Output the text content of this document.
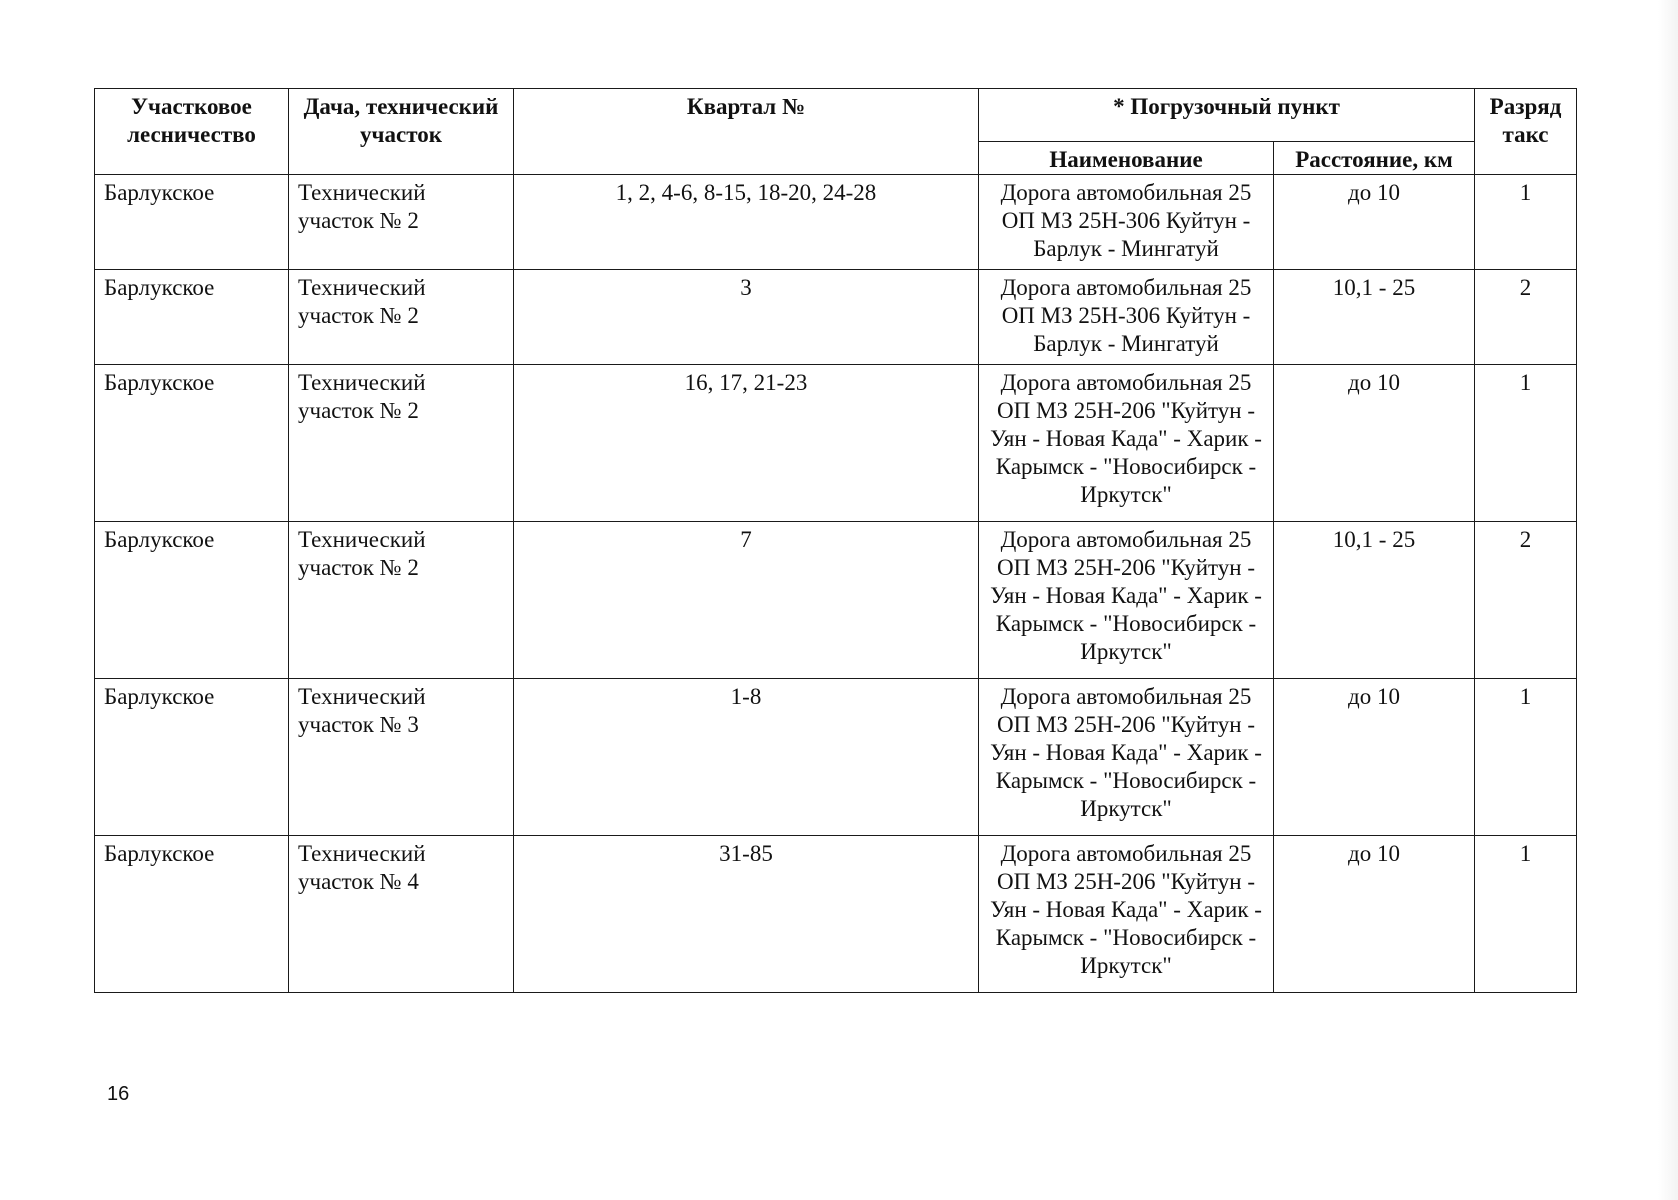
Участковое лесничество	Дача, технический участок	Квартал №	* Погрузочный пункт		Разряд такс
			Наименование	Расстояние, км	
Барлукское	Технический участок № 2	1, 2, 4-6, 8-15, 18-20, 24-28	Дорога автомобильная 25 ОП МЗ 25Н-306 Куйтун - Барлук - Мингатуй	до 10	1
Барлукское	Технический участок № 2	3	Дорога автомобильная 25 ОП МЗ 25Н-306 Куйтун - Барлук - Мингатуй	10,1 - 25	2
Барлукское	Технический участок № 2	16, 17, 21-23	Дорога автомобильная 25 ОП МЗ 25Н-206 "Куйтун - Уян - Новая Када" - Харик - Карымск - "Новосибирск - Иркутск"	до 10	1
Барлукское	Технический участок № 2	7	Дорога автомобильная 25 ОП МЗ 25Н-206 "Куйтун - Уян - Новая Када" - Харик - Карымск - "Новосибирск - Иркутск"	10,1 - 25	2
Барлукское	Технический участок № 3	1-8	Дорога автомобильная 25 ОП МЗ 25Н-206 "Куйтун - Уян - Новая Када" - Харик - Карымск - "Новосибирск - Иркутск"	до 10	1
Барлукское	Технический участок № 4	31-85	Дорога автомобильная 25 ОП МЗ 25Н-206 "Куйтун - Уян - Новая Када" - Харик - Карымск - "Новосибирск - Иркутск"	до 10	1
16
